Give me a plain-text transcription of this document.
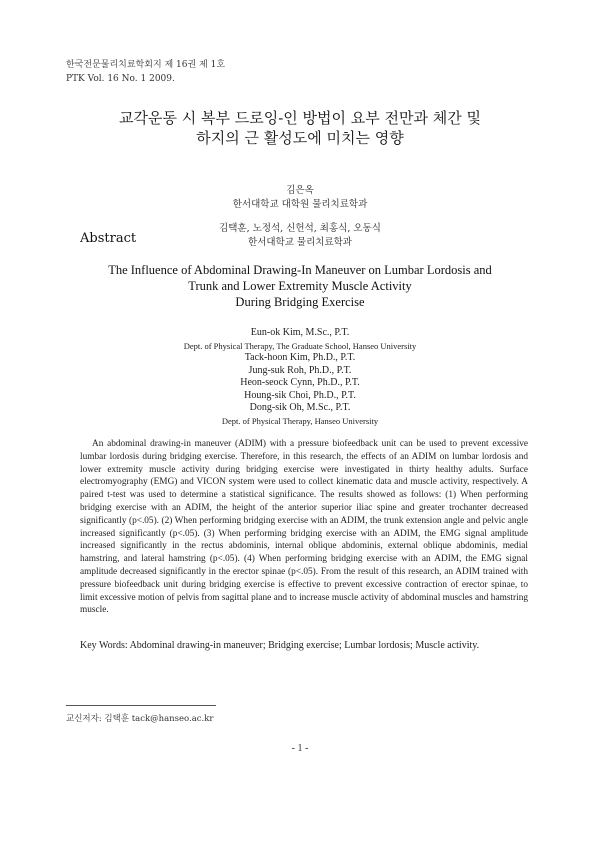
한국전문물리치료학회지 제 16권 제 1호
PTK Vol. 16 No. 1 2009.
교각운동 시 복부 드로잉-인 방법이 요부 전만과 체간 및
하지의 근 활성도에 미치는 영향
김은옥
한서대학교 대학원 물리치료학과
김택훈, 노정석, 신헌석, 최홍식, 오동식
한서대학교 물리치료학과
Abstract
The Influence of Abdominal Drawing-In Maneuver on Lumbar Lordosis and
Trunk and Lower Extremity Muscle Activity
During Bridging Exercise
Eun-ok Kim, M.Sc., P.T.
Dept. of Physical Therapy, The Graduate School, Hanseo University
Tack-hoon Kim, Ph.D., P.T.
Jung-suk Roh, Ph.D., P.T.
Heon-seock Cynn, Ph.D., P.T.
Houng-sik Choi, Ph.D., P.T.
Dong-sik Oh, M.Sc., P.T.
Dept. of Physical Therapy, Hanseo University

An abdominal drawing-in maneuver (ADIM) with a pressure biofeedback unit can be used to prevent excessive lumbar lordosis during bridging exercise. Therefore, in this research, the effects of an ADIM on lumbar lordosis and lower extremity muscle activity during bridging exercise were investigated in thirty healthy adults. Surface electromyography (EMG) and VICON system were used to collect kinematic data and muscle activity, respectively. A paired t-test was used to determine a statistical significance. The results showed as follows: (1) When performing bridging exercise with an ADIM, the height of the anterior superior iliac spine and greater trochanter decreased significantly (p<.05). (2) When performing bridging exercise with an ADIM, the trunk extension angle and pelvic angle increased significantly (p<.05). (3) When performing bridging exercise with an ADIM, the EMG signal amplitude increased significantly in the rectus abdominis, internal oblique abdominis, external oblique abdominis, medial hamstring, and lateral hamstring (p<.05). (4) When performing bridging exercise with an ADIM, the EMG signal amplitude decreased significantly in the erector spinae (p<.05). From the result of this research, an ADIM trained with pressure biofeedback unit during bridging exercise is effective to prevent excessive contraction of erector spinae, to limit excessive motion of pelvis from sagittal plane and to increase muscle activity of abdominal muscles and hamstring muscle.

Key Words: Abdominal drawing-in maneuver; Bridging exercise; Lumbar lordosis; Muscle activity.
교신저자: 김택훈 tack@hanseo.ac.kr
- 1 -
